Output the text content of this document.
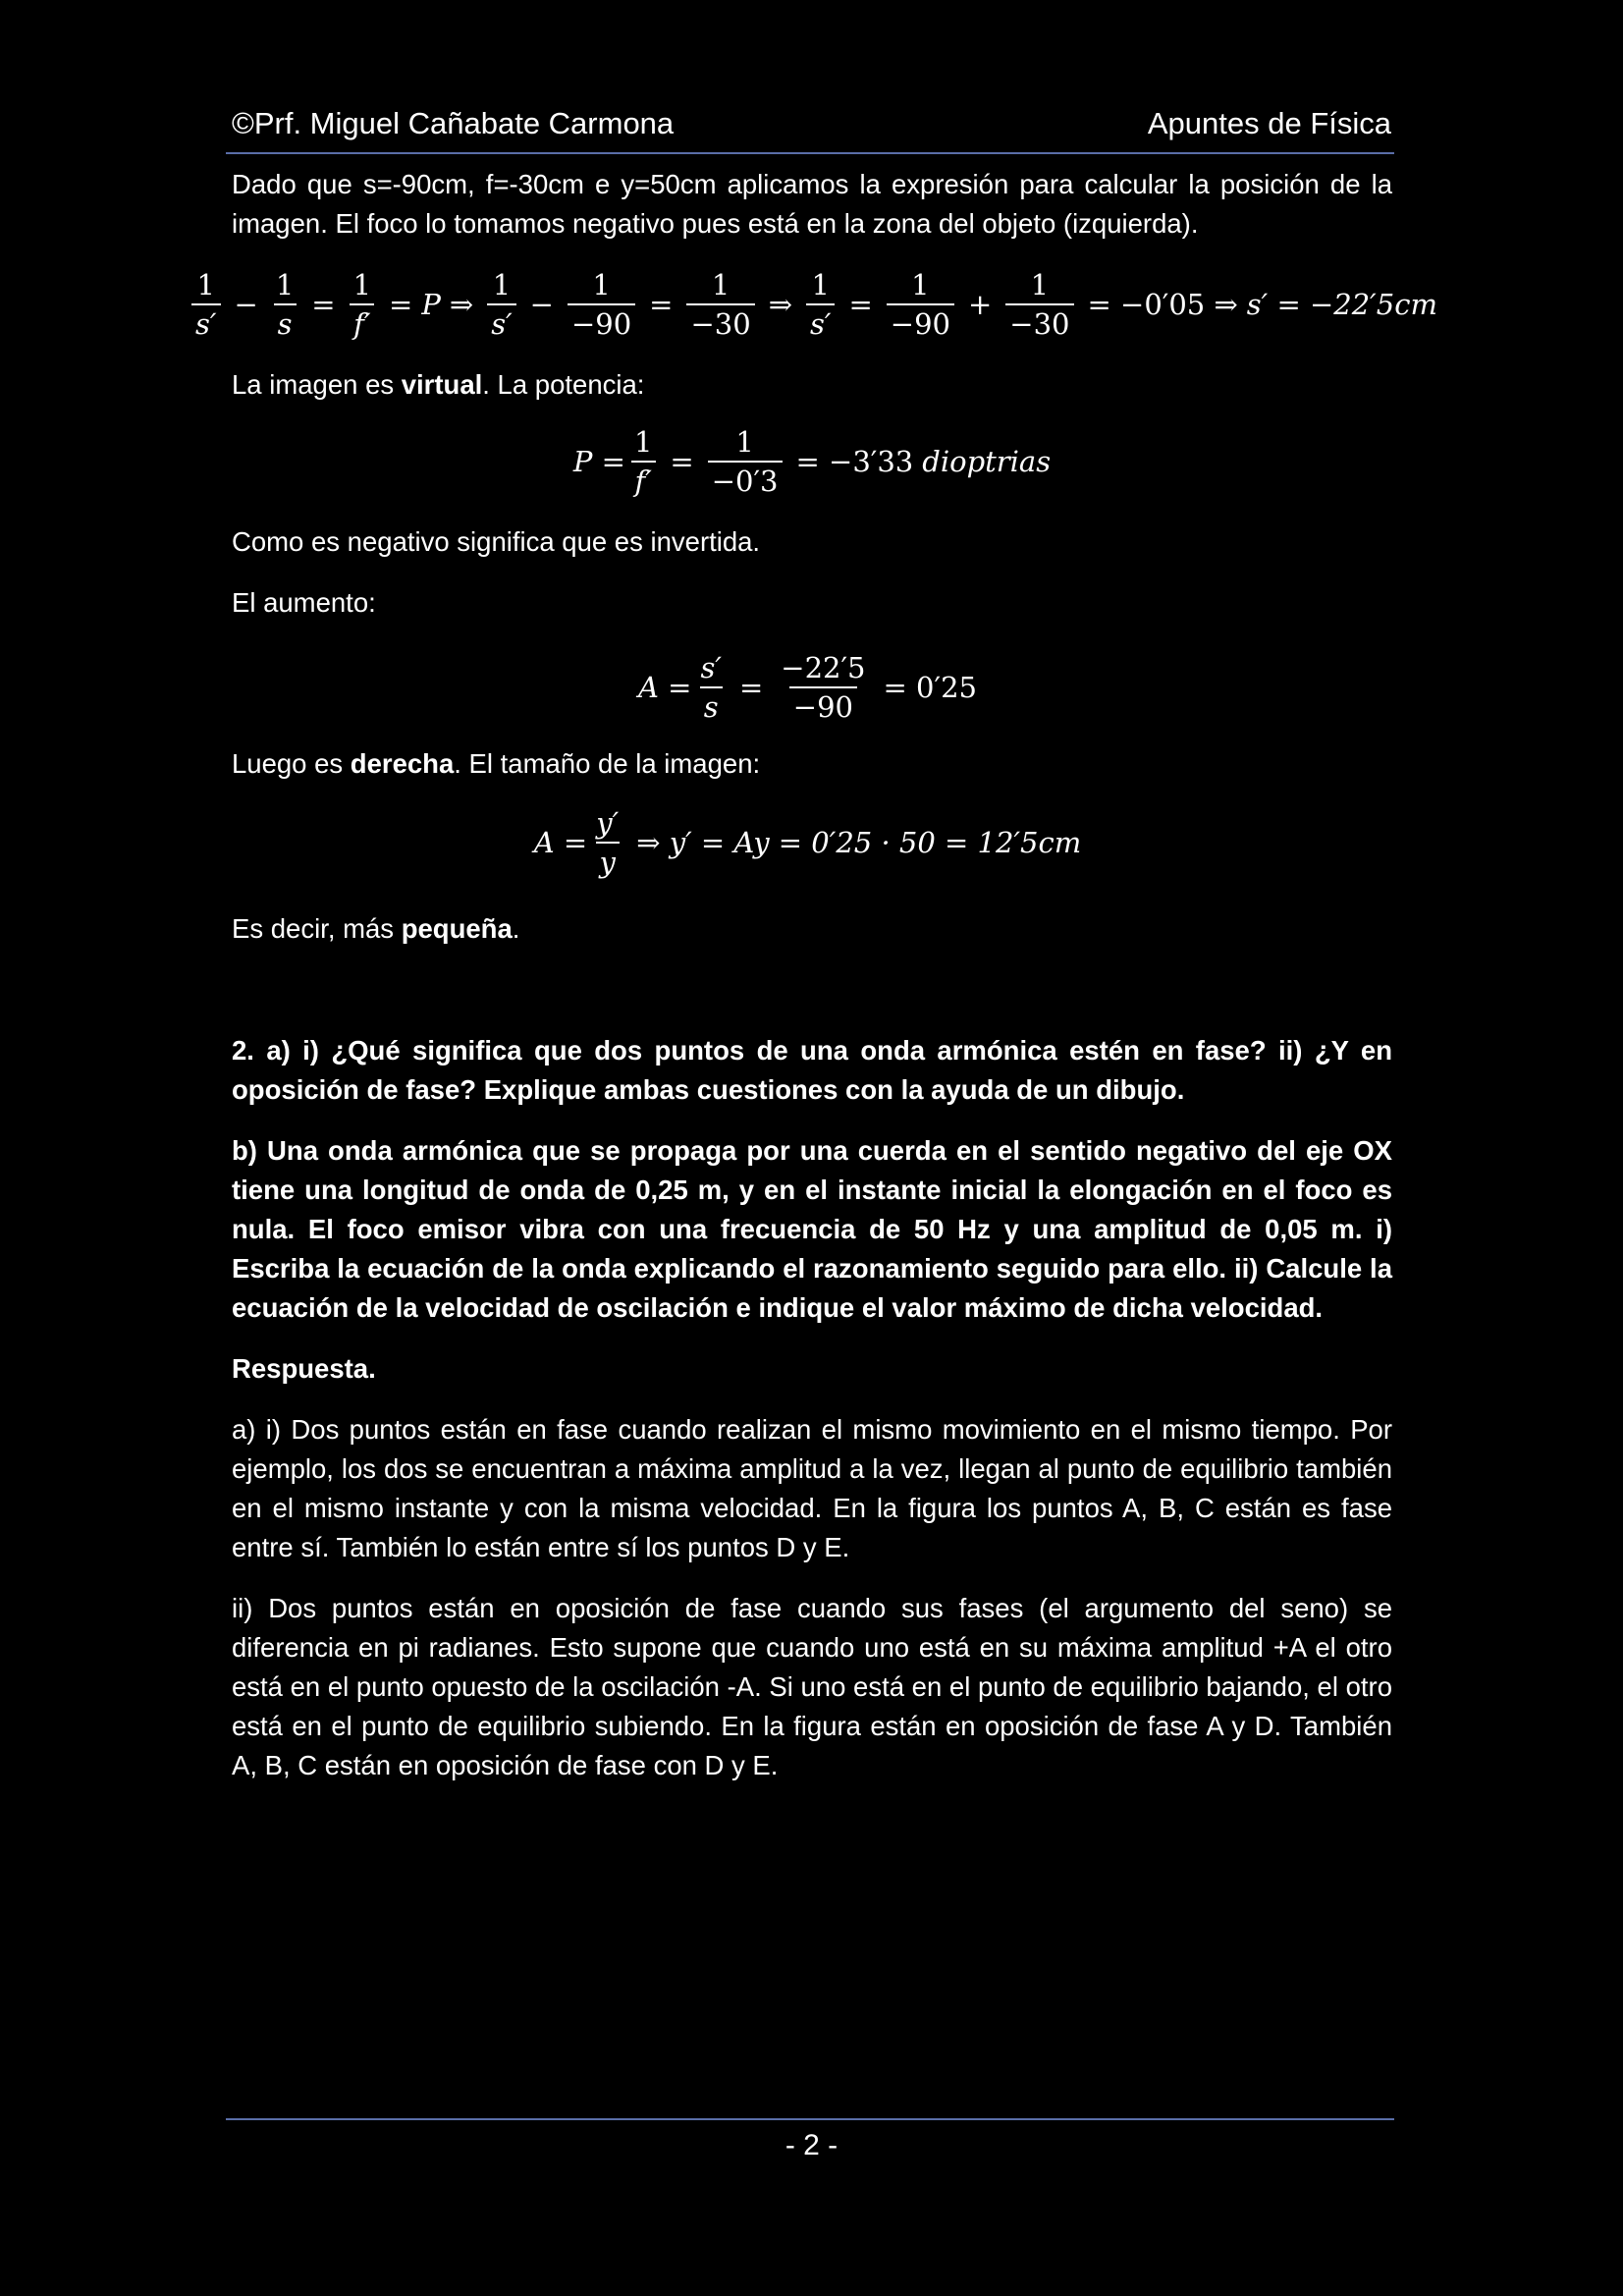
©Prf. Miguel Cañabate Carmona	Apuntes de Física

Dado que s=-90cm, f=-30cm e y=50cm aplicamos la expresión para calcular la posición de la imagen. El foco lo tomamos negativo pues está en la zona del objeto (izquierda).

$\frac{1}{s'} - \frac{1}{s} = \frac{1}{f'} = P$ ⇒ $\frac{1}{s'} - \frac{1}{-90} = \frac{1}{-30}$ ⇒ $\frac{1}{s'} = \frac{1}{-90} + \frac{1}{-30} = -0'05$ ⇒ s′ = −22′5cm

La imagen es virtual. La potencia:

$P = \frac{1}{f'} = \frac{1}{-0'3} = -3'33$ dioptrias

Como es negativo significa que es invertida.

El aumento:

$A = \frac{s'}{s} = \frac{-22'5}{-90} = 0'25$

Luego es derecha. El tamaño de la imagen:

$A = \frac{y'}{y}$ ⇒ y′ = Ay = 0′25 · 50 = 12′5cm

Es decir, más pequeña.

2. a) i) ¿Qué significa que dos puntos de una onda armónica estén en fase? ii) ¿Y en oposición de fase? Explique ambas cuestiones con la ayuda de un dibujo.

b) Una onda armónica que se propaga por una cuerda en el sentido negativo del eje OX tiene una longitud de onda de 0,25 m, y en el instante inicial la elongación en el foco es nula. El foco emisor vibra con una frecuencia de 50 Hz y una amplitud de 0,05 m. i) Escriba la ecuación de la onda explicando el razonamiento seguido para ello. ii) Calcule la ecuación de la velocidad de oscilación e indique el valor máximo de dicha velocidad.

Respuesta.

a) i) Dos puntos están en fase cuando realizan el mismo movimiento en el mismo tiempo. Por ejemplo, los dos se encuentran a máxima amplitud a la vez, llegan al punto de equilibrio también en el mismo instante y con la misma velocidad. En la figura los puntos A, B, C están es fase entre sí. También lo están entre sí los puntos D y E.

ii) Dos puntos están en oposición de fase cuando sus fases (el argumento del seno) se diferencia en pi radianes. Esto supone que cuando uno está en su máxima amplitud +A el otro está en el punto opuesto de la oscilación -A. Si uno está en el punto de equilibrio bajando, el otro está en el punto de equilibrio subiendo. En la figura están en oposición de fase A y D. También A, B, C están en oposición de fase con D y E.

- 2 -
